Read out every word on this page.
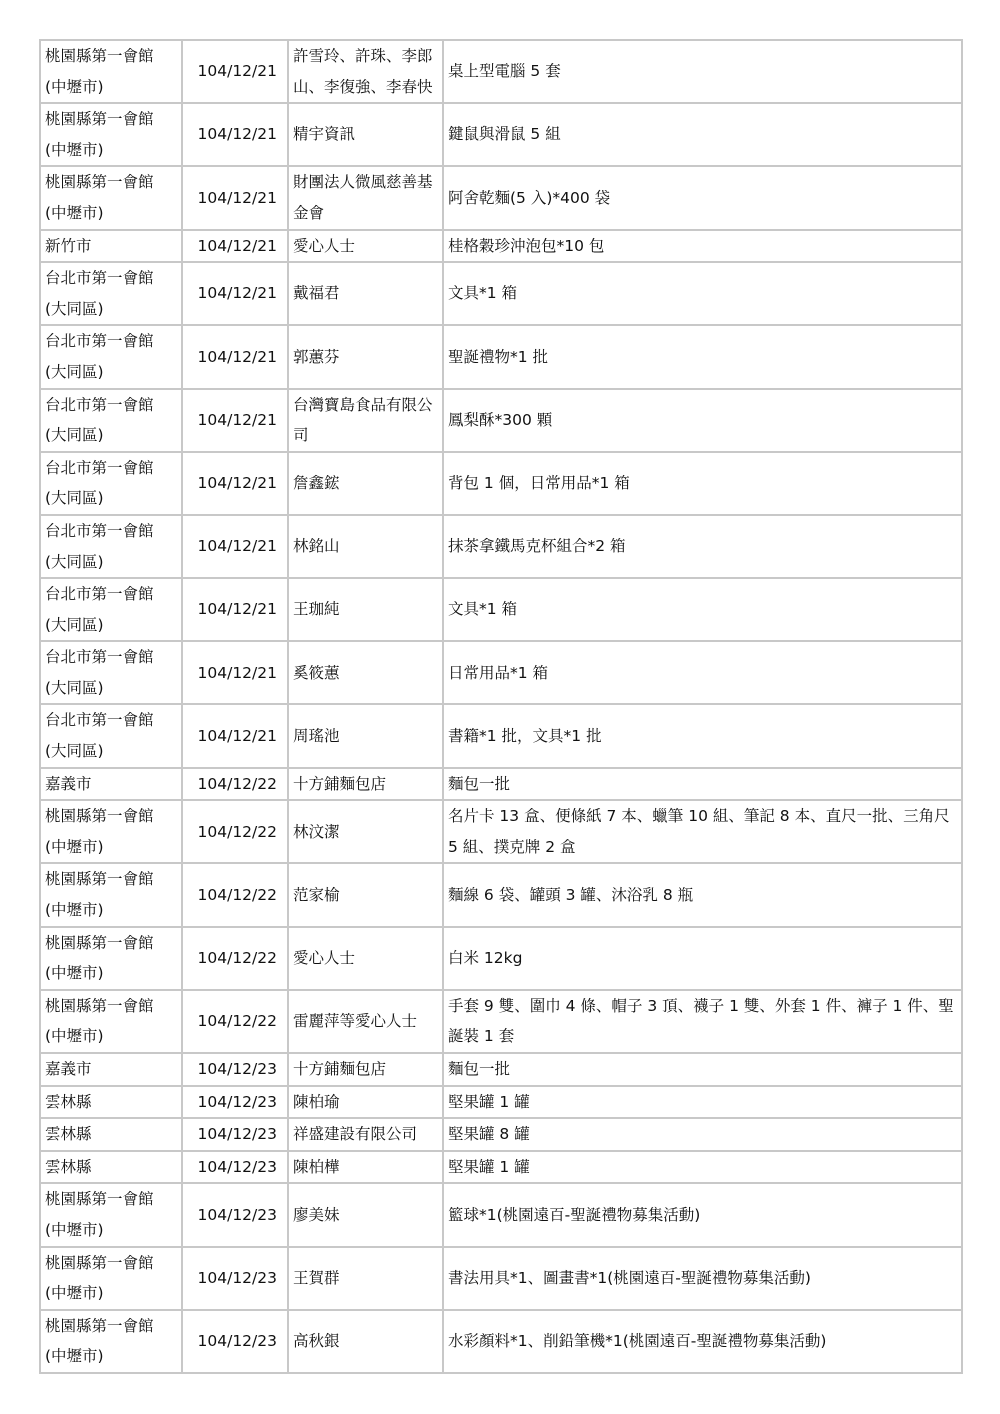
桃園縣第一會館 (中壢市)	104/12/21	許雪玲、許珠、李郎山、李復強、李春快	桌上型電腦 5 套
桃園縣第一會館 (中壢市)	104/12/21	精宇資訊	鍵鼠與滑鼠 5 組
桃園縣第一會館 (中壢市)	104/12/21	財團法人微風慈善基金會	阿舍乾麵(5 入)*400 袋
新竹市	104/12/21	愛心人士	桂格穀珍沖泡包*10 包
台北市第一會館 (大同區)	104/12/21	戴福君	文具*1 箱
台北市第一會館 (大同區)	104/12/21	郭蕙芬	聖誕禮物*1 批
台北市第一會館 (大同區)	104/12/21	台灣寶島食品有限公司	鳳梨酥*300 顆
台北市第一會館 (大同區)	104/12/21	詹鑫鋐	背包 1 個，日常用品*1 箱
台北市第一會館 (大同區)	104/12/21	林銘山	抹茶拿鐵馬克杯組合*2 箱
台北市第一會館 (大同區)	104/12/21	王珈純	文具*1 箱
台北市第一會館 (大同區)	104/12/21	奚筱蕙	日常用品*1 箱
台北市第一會館 (大同區)	104/12/21	周瑤池	書籍*1 批，文具*1 批
嘉義市	104/12/22	十方鋪麵包店	麵包一批
桃園縣第一會館 (中壢市)	104/12/22	林汶潔	名片卡 13 盒、便條紙 7 本、蠟筆 10 組、筆記 8 本、直尺一批、三角尺 5 組、撲克牌 2 盒
桃園縣第一會館 (中壢市)	104/12/22	范家榆	麵線 6 袋、罐頭 3 罐、沐浴乳 8 瓶
桃園縣第一會館 (中壢市)	104/12/22	愛心人士	白米 12kg
桃園縣第一會館 (中壢市)	104/12/22	雷麗萍等愛心人士	手套 9 雙、圍巾 4 條、帽子 3 頂、襪子 1 雙、外套 1 件、褲子 1 件、聖誕裝 1 套
嘉義市	104/12/23	十方鋪麵包店	麵包一批
雲林縣	104/12/23	陳柏瑜	堅果罐 1 罐
雲林縣	104/12/23	祥盛建設有限公司	堅果罐 8 罐
雲林縣	104/12/23	陳柏樺	堅果罐 1 罐
桃園縣第一會館 (中壢市)	104/12/23	廖美妹	籃球*1(桃園遠百-聖誕禮物募集活動)
桃園縣第一會館 (中壢市)	104/12/23	王賀群	書法用具*1、圖畫書*1(桃園遠百-聖誕禮物募集活動)
桃園縣第一會館 (中壢市)	104/12/23	高秋銀	水彩顏料*1、削鉛筆機*1(桃園遠百-聖誕禮物募集活動)
